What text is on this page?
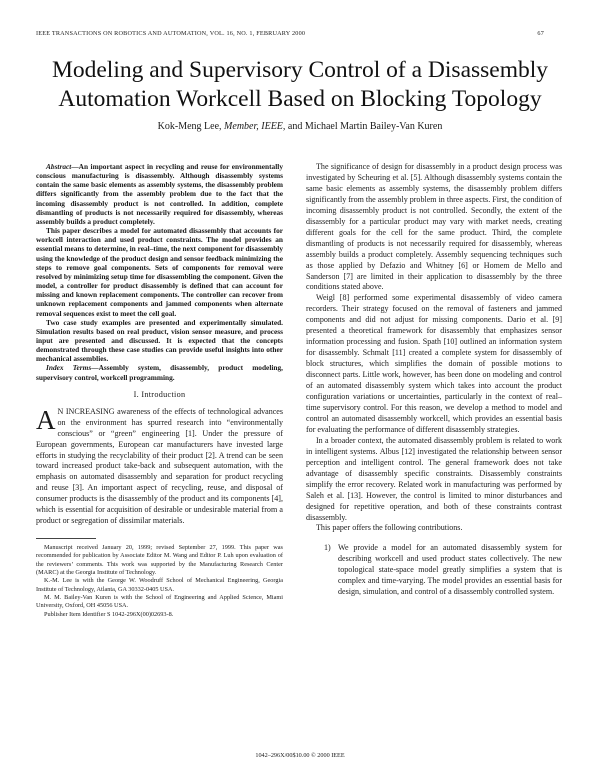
IEEE TRANSACTIONS ON ROBOTICS AND AUTOMATION, VOL. 16, NO. 1, FEBRUARY 2000	67
Modeling and Supervisory Control of a Disassembly Automation Workcell Based on Blocking Topology
Kok-Meng Lee, Member, IEEE, and Michael Martin Bailey-Van Kuren

Abstract—An important aspect in recycling and reuse for environmentally conscious manufacturing is disassembly. Although disassembly systems contain the same basic elements as assembly systems, the disassembly problem differs significantly from the assembly problem due to the fact that the incoming disassembly product is not controlled. In addition, complete dismantling of products is not necessarily required for disassembly, whereas assembly builds a product completely.

This paper describes a model for automated disassembly that accounts for workcell interaction and used product constraints. The model provides an essential means to determine, in real–time, the next component for disassembly using the knowledge of the product design and sensor feedback minimizing the steps to remove goal components. Sets of components for removal were resolved by minimizing setup time for disassembling the component. Given the model, a controller for product disassembly is defined that can account for missing and known replacement components. The controller can recover from unknown replacement components and jammed components when alternate removal sequences exist to meet the cell goal.

Two case study examples are presented and experimentally simulated. Simulation results based on real product, vision sensor measure, and process input are presented and discussed. It is expected that the concepts demonstrated through these case studies can provide useful insights into other mechanical assemblies.

Index Terms—Assembly system, disassembly, product modeling, supervisory control, workcell programming.

I. Introduction

A N INCREASING awareness of the effects of technological advances on the environment has spurred research into “environmentally conscious” or “green” engineering [1]. Under the pressure of European governments, European car manufacturers have invested large efforts in studying the recyclability of their product [2]. A trend can be seen toward increased product take-back and subsequent automation, with the emphasis on automated disassembly and separation for product recycling and reuse [3]. An important aspect of recycling, reuse, and disposal of consumer products is the disassembly of the product and its components [4], which is essential for acquisition of desirable or undesirable material from a product or segregation of dissimilar materials.

Manuscript received January 20, 1999; revised September 27, 1999. This paper was recommended for publication by Associate Editor M. Wang and Editor P. Luh upon evaluation of the reviewers’ comments. This work was supported by the Manufacturing Research Center (MARC) at the Georgia Institute of Technology.

K.-M. Lee is with the George W. Woodruff School of Mechanical Engineering, Georgia Institute of Technology, Atlanta, GA 30332-0405 USA.

M. M. Bailey-Van Kuren is with the School of Engineering and Applied Science, Miami University, Oxford, OH 45056 USA.

Publisher Item Identifier S 1042-296X(00)02693-8.

The significance of design for disassembly in a product design process was investigated by Scheuring et al. [5]. Although disassembly systems contain the same basic elements as assembly systems, the disassembly problem differs significantly from the assembly problem in three aspects. First, the condition of incoming disassembly product is not controlled. Secondly, the extent of the disassembly for a particular product may vary with market needs, creating different goals for the cell for the same product. Third, the complete dismantling of products is not necessarily required for disassembly, whereas assembly builds a product completely. Assembly sequencing techniques such as those applied by Defazio and Whitney [6] or Homem de Mello and Sanderson [7] are limited in their application to disassembly by the three conditions stated above.

Weigl [8] performed some experimental disassembly of video camera recorders. Their strategy focused on the removal of fasteners and jammed components and did not adjust for missing components. Dario et al. [9] presented a theoretical framework for disassembly that emphasizes sensor information processing and fusion. Spath [10] outlined an information system for disassembly. Schmalt [11] created a complete system for disassembly of block structures, which simplifies the domain of possible motions to disconnect parts. Little work, however, has been done on modeling and control of an automated disassembly system which takes into account the product configuration variations or uncertainties, particularly in the context of real–time supervisory control. For this reason, we develop a method to model and control an automated disassembly workcell, which provides an essential basis for evaluating the performance of different disassembly strategies.

In a broader context, the automated disassembly problem is related to work in intelligent systems. Albus [12] investigated the relationship between sensor perception and intelligent control. The general framework does not take advantage of disassembly specific constraints. Disassembly constraints simplify the error recovery. Related work in manufacturing was performed by Saleh et al. [13]. However, the control is limited to minor disturbances and designed for repetitive operation, and both of these constraints contrast disassembly.

This paper offers the following contributions.

1) We provide a model for an automated disassembly system for describing workcell and used product states collectively. The new topological state-space model greatly simplifies a system that is complex and time-varying. The model provides an essential basis for design, simulation, and control of a disassembly controlled system.
1042–296X/00$10.00 © 2000 IEEE
